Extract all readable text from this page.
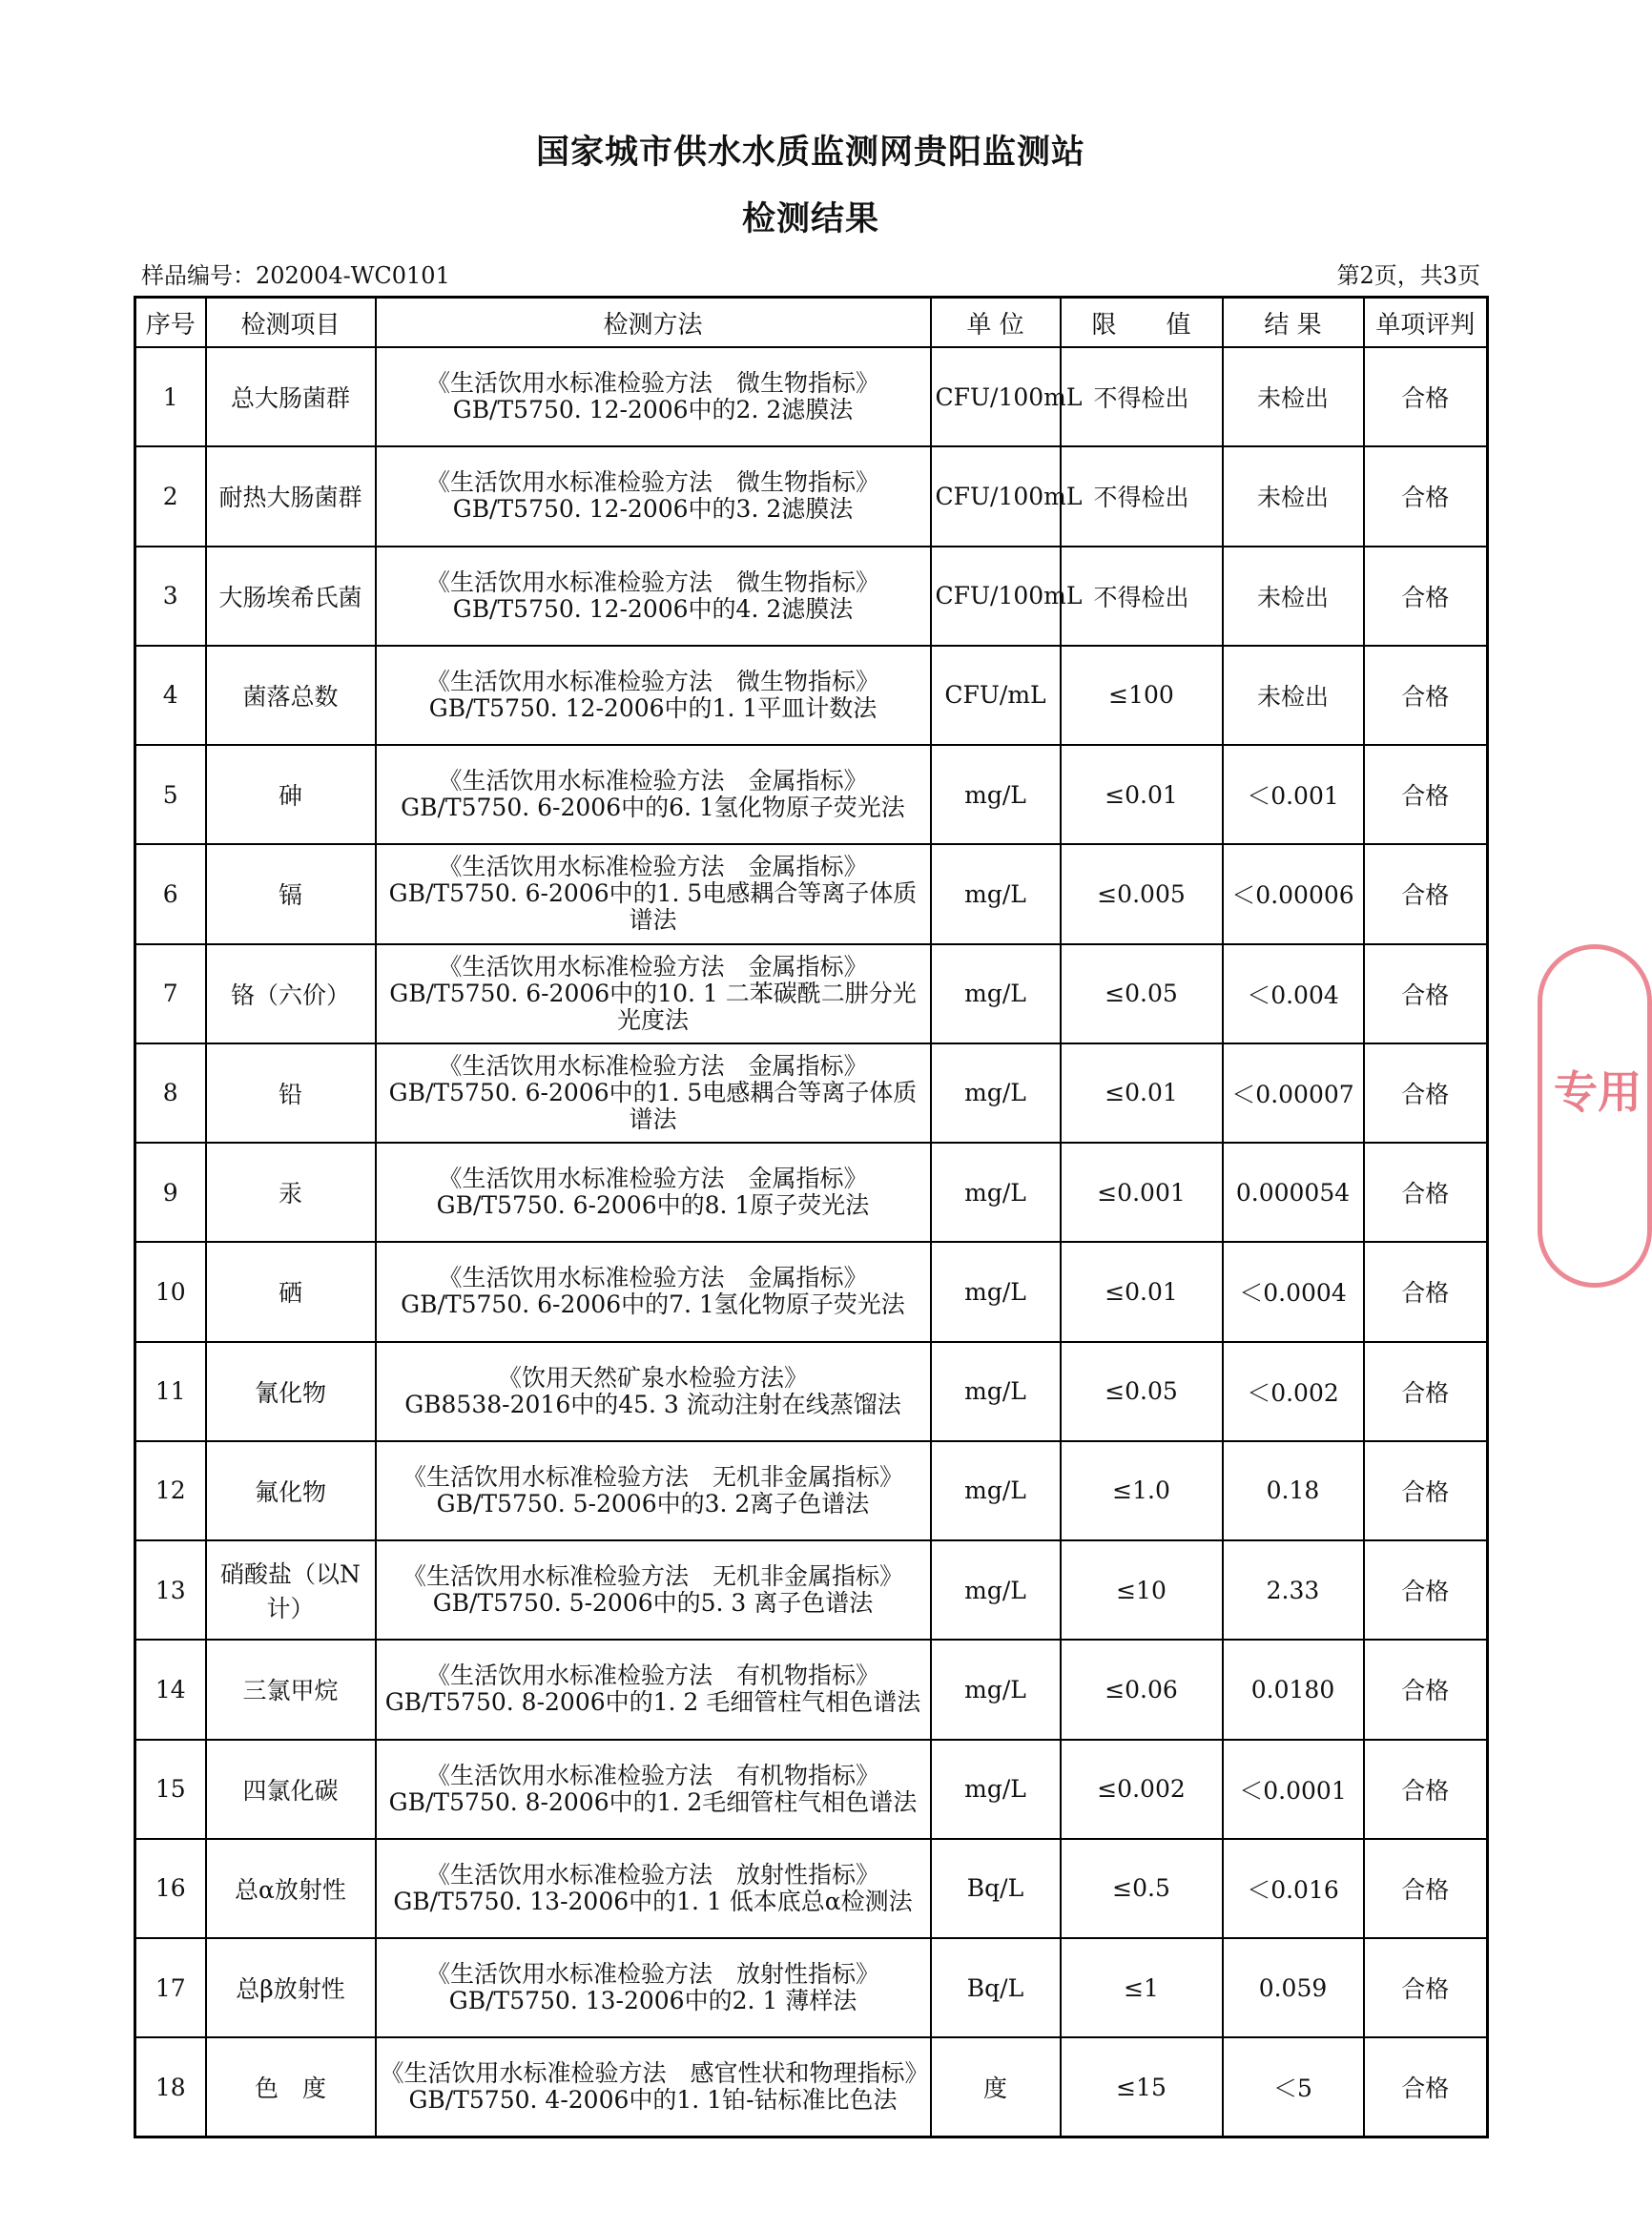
国家城市供水水质监测网贵阳监测站
检测结果
样品编号：202004-WC0101	第2页，共3页
序号	检测项目	检测方法	单 位	限　　值	结 果	单项评判
1	总大肠菌群	《生活饮用水标准检验方法　微生物指标》
GB/T5750. 12-2006中的2. 2滤膜法	CFU/100mL	不得检出	未检出	合格
2	耐热大肠菌群	《生活饮用水标准检验方法　微生物指标》
GB/T5750. 12-2006中的3. 2滤膜法	CFU/100mL	不得检出	未检出	合格
3	大肠埃希氏菌	《生活饮用水标准检验方法　微生物指标》
GB/T5750. 12-2006中的4. 2滤膜法	CFU/100mL	不得检出	未检出	合格
4	菌落总数	《生活饮用水标准检验方法　微生物指标》
GB/T5750. 12-2006中的1. 1平皿计数法	CFU/mL	≤100	未检出	合格
5	砷	《生活饮用水标准检验方法　金属指标》
GB/T5750. 6-2006中的6. 1氢化物原子荧光法	mg/L	≤0.01	＜0.001	合格
6	镉	《生活饮用水标准检验方法　金属指标》
GB/T5750. 6-2006中的1. 5电感耦合等离子体质谱法	mg/L	≤0.005	＜0.00006	合格
7	铬（六价）	《生活饮用水标准检验方法　金属指标》
GB/T5750. 6-2006中的10. 1 二苯碳酰二肼分光光度法	mg/L	≤0.05	＜0.004	合格
8	铅	《生活饮用水标准检验方法　金属指标》
GB/T5750. 6-2006中的1. 5电感耦合等离子体质谱法	mg/L	≤0.01	＜0.00007	合格
9	汞	《生活饮用水标准检验方法　金属指标》
GB/T5750. 6-2006中的8. 1原子荧光法	mg/L	≤0.001	0.000054	合格
10	硒	《生活饮用水标准检验方法　金属指标》
GB/T5750. 6-2006中的7. 1氢化物原子荧光法	mg/L	≤0.01	＜0.0004	合格
11	氰化物	《饮用天然矿泉水检验方法》
GB8538-2016中的45. 3 流动注射在线蒸馏法	mg/L	≤0.05	＜0.002	合格
12	氟化物	《生活饮用水标准检验方法　无机非金属指标》
GB/T5750. 5-2006中的3. 2离子色谱法	mg/L	≤1.0	0.18	合格
13	硝酸盐（以N计）	《生活饮用水标准检验方法　无机非金属指标》
GB/T5750. 5-2006中的5. 3 离子色谱法	mg/L	≤10	2.33	合格
14	三氯甲烷	《生活饮用水标准检验方法　有机物指标》
GB/T5750. 8-2006中的1. 2 毛细管柱气相色谱法	mg/L	≤0.06	0.0180	合格
15	四氯化碳	《生活饮用水标准检验方法　有机物指标》
GB/T5750. 8-2006中的1. 2毛细管柱气相色谱法	mg/L	≤0.002	＜0.0001	合格
16	总α放射性	《生活饮用水标准检验方法　放射性指标》
GB/T5750. 13-2006中的1. 1 低本底总α检测法	Bq/L	≤0.5	＜0.016	合格
17	总β放射性	《生活饮用水标准检验方法　放射性指标》
GB/T5750. 13-2006中的2. 1 薄样法	Bq/L	≤1	0.059	合格
18	色　度	《生活饮用水标准检验方法　感官性状和物理指标》
GB/T5750. 4-2006中的1. 1铂-钴标准比色法	度	≤15	＜5	合格
专用
